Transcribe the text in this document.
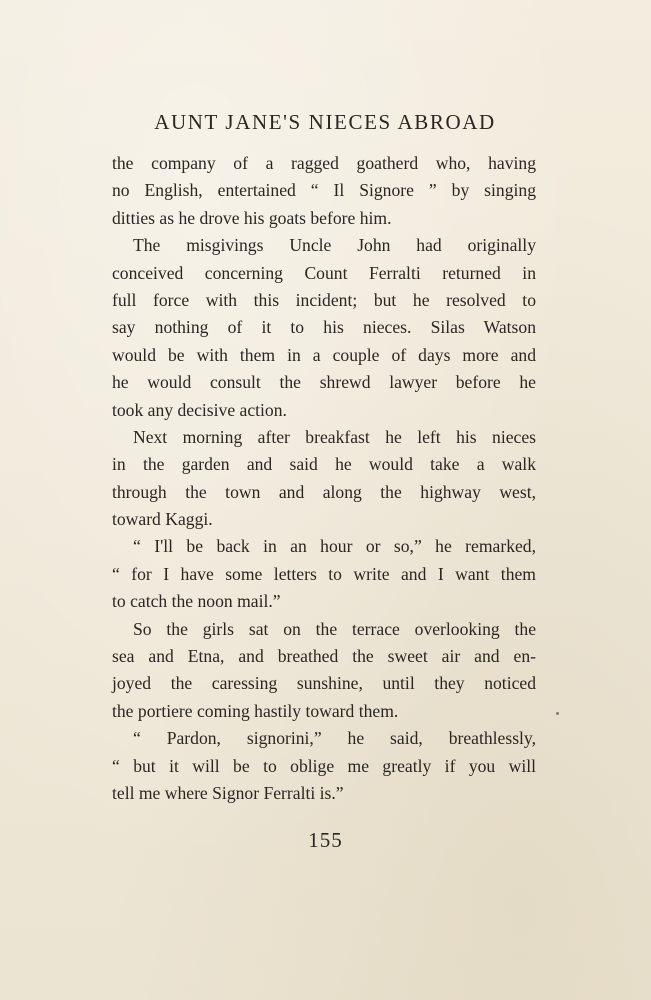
AUNT JANE'S NIECES ABROAD
the company of a ragged goatherd who, having
no English, entertained “ Il Signore ” by singing
ditties as he drove his goats before him.
The misgivings Uncle John had originally
conceived concerning Count Ferralti returned in
full force with this incident; but he resolved to
say nothing of it to his nieces. Silas Watson
would be with them in a couple of days more and
he would consult the shrewd lawyer before he
took any decisive action.
Next morning after breakfast he left his nieces
in the garden and said he would take a walk
through the town and along the highway west,
toward Kaggi.
“ I'll be back in an hour or so,” he remarked,
“ for I have some letters to write and I want them
to catch the noon mail.”
So the girls sat on the terrace overlooking the
sea and Etna, and breathed the sweet air and en-
joyed the caressing sunshine, until they noticed
the portiere coming hastily toward them.
“ Pardon, signorini,” he said, breathlessly,
“ but it will be to oblige me greatly if you will
tell me where Signor Ferralti is.”
155
